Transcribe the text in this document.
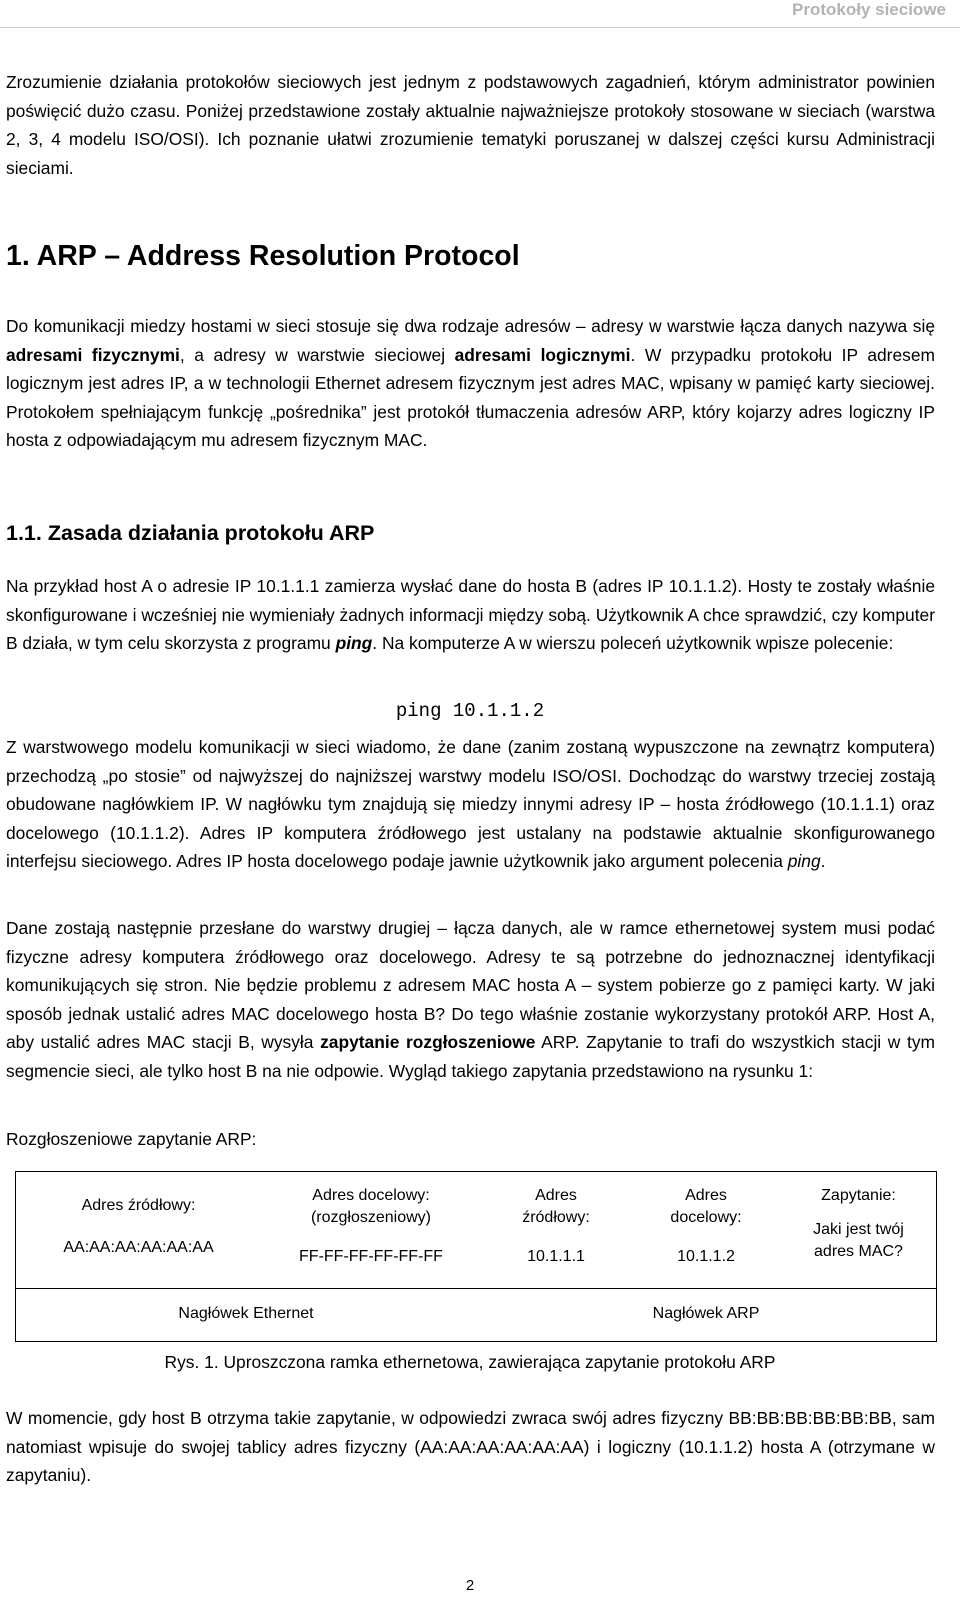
Protokoły sieciowe

Zrozumienie działania protokołów sieciowych jest jednym z podstawowych zagadnień, którym administrator powinien poświęcić dużo czasu. Poniżej przedstawione zostały aktualnie najważniejsze protokoły stosowane w sieciach (warstwa 2, 3, 4 modelu ISO/OSI). Ich poznanie ułatwi zrozumienie tematyki poruszanej w dalszej części kursu Administracji sieciami.

1. ARP – Address Resolution Protocol

Do komunikacji miedzy hostami w sieci stosuje się dwa rodzaje adresów – adresy w warstwie łącza danych nazywa się adresami fizycznymi, a adresy w warstwie sieciowej adresami logicznymi. W przypadku protokołu IP adresem logicznym jest adres IP, a w technologii Ethernet adresem fizycznym jest adres MAC, wpisany w pamięć karty sieciowej. Protokołem spełniającym funkcję „pośrednika” jest protokół tłumaczenia adresów ARP, który kojarzy adres logiczny IP hosta z odpowiadającym mu adresem fizycznym MAC.

1.1. Zasada działania protokołu ARP

Na przykład host A o adresie IP 10.1.1.1 zamierza wysłać dane do hosta B (adres IP 10.1.1.2). Hosty te zostały właśnie skonfigurowane i wcześniej nie wymieniały żadnych informacji między sobą. Użytkownik A chce sprawdzić, czy komputer B działa, w tym celu skorzysta z programu ping. Na komputerze A w wierszu poleceń użytkownik wpisze polecenie:

ping 10.1.1.2

Z warstwowego modelu komunikacji w sieci wiadomo, że dane (zanim zostaną wypuszczone na zewnątrz komputera) przechodzą „po stosie” od najwyższej do najniższej warstwy modelu ISO/OSI. Dochodząc do warstwy trzeciej zostają obudowane nagłówkiem IP. W nagłówku tym znajdują się miedzy innymi adresy IP – hosta źródłowego (10.1.1.1) oraz docelowego (10.1.1.2). Adres IP komputera źródłowego jest ustalany na podstawie aktualnie skonfigurowanego interfejsu sieciowego. Adres IP hosta docelowego podaje jawnie użytkownik jako argument polecenia ping.

Dane zostają następnie przesłane do warstwy drugiej – łącza danych, ale w ramce ethernetowej system musi podać fizyczne adresy komputera źródłowego oraz docelowego. Adresy te są potrzebne do jednoznacznej identyfikacji komunikujących się stron. Nie będzie problemu z adresem MAC hosta A – system pobierze go z pamięci karty. W jaki sposób jednak ustalić adres MAC docelowego hosta B? Do tego właśnie zostanie wykorzystany protokół ARP. Host A, aby ustalić adres MAC stacji B, wysyła zapytanie rozgłoszeniowe ARP. Zapytanie to trafi do wszystkich stacji w tym segmencie sieci, ale tylko host B na nie odpowie. Wygląd takiego zapytania przedstawiono na rysunku 1:

Rozgłoszeniowe zapytanie ARP:

Adres źródłowy:
AA:AA:AA:AA:AA:AA
Adres docelowy:
(rozgłoszeniowy)
FF-FF-FF-FF-FF-FF
Adres
źródłowy:
10.1.1.1
Adres
docelowy:
10.1.1.2
Zapytanie:
Jaki jest twój
adres MAC?
Nagłówek Ethernet	Nagłówek ARP
Rys. 1. Uproszczona ramka ethernetowa, zawierająca zapytanie protokołu ARP

W momencie, gdy host B otrzyma takie zapytanie, w odpowiedzi zwraca swój adres fizyczny BB:BB:BB:BB:BB:BB, sam natomiast wpisuje do swojej tablicy adres fizyczny (AA:AA:AA:AA:AA:AA) i logiczny (10.1.1.2) hosta A (otrzymane w zapytaniu).

2
